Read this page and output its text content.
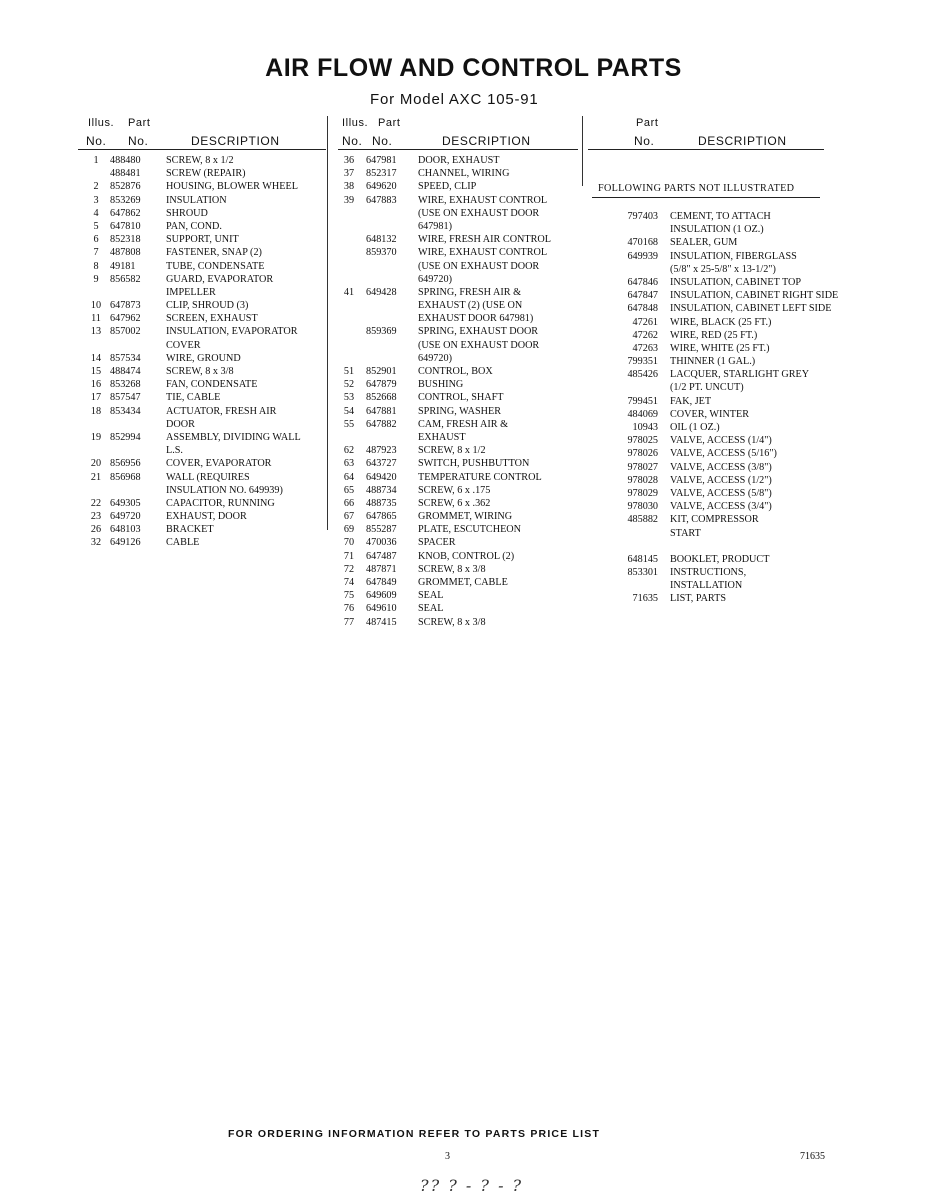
AIR FLOW AND CONTROL PARTS
For Model AXC 105-91
Illus. Part
No. No.	DESCRIPTION
1	488480 SCREW, 8 x 1/2
488481 SCREW (REPAIR)
2	852876 HOUSING, BLOWER WHEEL
3	853269 INSULATION
4	647862 SHROUD
5	647810 PAN, COND.
6	852318 SUPPORT, UNIT
7	487808 FASTENER, SNAP (2)
8	49181	TUBE, CONDENSATE
9	856582 GUARD, EVAPORATOR
IMPELLER
10 647873 CLIP, SHROUD (3)
11 647962 SCREEN, EXHAUST
13 857002 INSULATION, EVAPORATOR
COVER
14 857534 WIRE, GROUND
15 488474 SCREW, 8 x 3/8
16 853268 FAN, CONDENSATE
17 857547 TIE, CABLE
18 853434 ACTUATOR, FRESH AIR
DOOR
19 852994 ASSEMBLY, DIVIDING WALL
L.S.
20 856956 COVER, EVAPORATOR
21 856968 WALL (REQUIRES
INSULATION NO. 649939)
22 649305 CAPACITOR, RUNNING
23 649720 EXHAUST, DOOR
26 648103 BRACKET
32 649126 CABLE
Illus. Part
No. No.	DESCRIPTION
36	647981 DOOR, EXHAUST
37	852317 CHANNEL, WIRING
38	649620 SPEED, CLIP
39	647883 WIRE, EXHAUST CONTROL
(USE ON EXHAUST DOOR
647981)
648132 WIRE, FRESH AIR CONTROL
859370 WIRE, EXHAUST CONTROL
(USE ON EXHAUST DOOR
649720)
41	649428 SPRING, FRESH AIR &
EXHAUST (2) (USE ON
EXHAUST DOOR 647981)
859369 SPRING, EXHAUST DOOR
(USE ON EXHAUST DOOR
649720)
51	852901 CONTROL, BOX
52	647879 BUSHING
53	852668 CONTROL, SHAFT
54	647881 SPRING, WASHER
55	647882 CAM, FRESH AIR &
EXHAUST
62	487923 SCREW, 8 x 1/2
63	643727 SWITCH, PUSHBUTTON
64	649420 TEMPERATURE CONTROL
65	488734 SCREW, 6 x .175
66	488735 SCREW, 6 x .362
67	647865 GROMMET, WIRING
69	855287 PLATE, ESCUTCHEON
70	470036 SPACER
71	647487 KNOB, CONTROL (2)
72	487871 SCREW, 8 x 3/8
74	647849 GROMMET, CABLE
75	649609 SEAL
76	649610 SEAL
77	487415 SCREW, 8 x 3/8
Part
No.	DESCRIPTION
FOLLOWING PARTS NOT ILLUSTRATED
797403 CEMENT, TO ATTACH
INSULATION (1 OZ.)
470168 SEALER, GUM
649939 INSULATION, FIBERGLASS
(5/8" x 25-5/8" x 13-1/2")
647846 INSULATION, CABINET TOP
647847 INSULATION, CABINET RIGHT SIDE
647848 INSULATION, CABINET LEFT SIDE
47261 WIRE, BLACK (25 FT.)
47262 WIRE, RED (25 FT.)
47263 WIRE, WHITE (25 FT.)
799351 THINNER (1 GAL.)
485426 LACQUER, STARLIGHT GREY
(1/2 PT. UNCUT)
799451 FAK, JET
484069 COVER, WINTER
10943 OIL (1 OZ.)
978025 VALVE, ACCESS (1/4")
978026 VALVE, ACCESS (5/16")
978027 VALVE, ACCESS (3/8")
978028 VALVE, ACCESS (1/2")
978029 VALVE, ACCESS (5/8")
978030 VALVE, ACCESS (3/4")
485882 KIT, COMPRESSOR
START
648145 BOOKLET, PRODUCT
853301 INSTRUCTIONS,
INSTALLATION
71635 LIST, PARTS
FOR ORDERING INFORMATION REFER TO PARTS PRICE LIST
3	71635
?? ? - ? - ?
